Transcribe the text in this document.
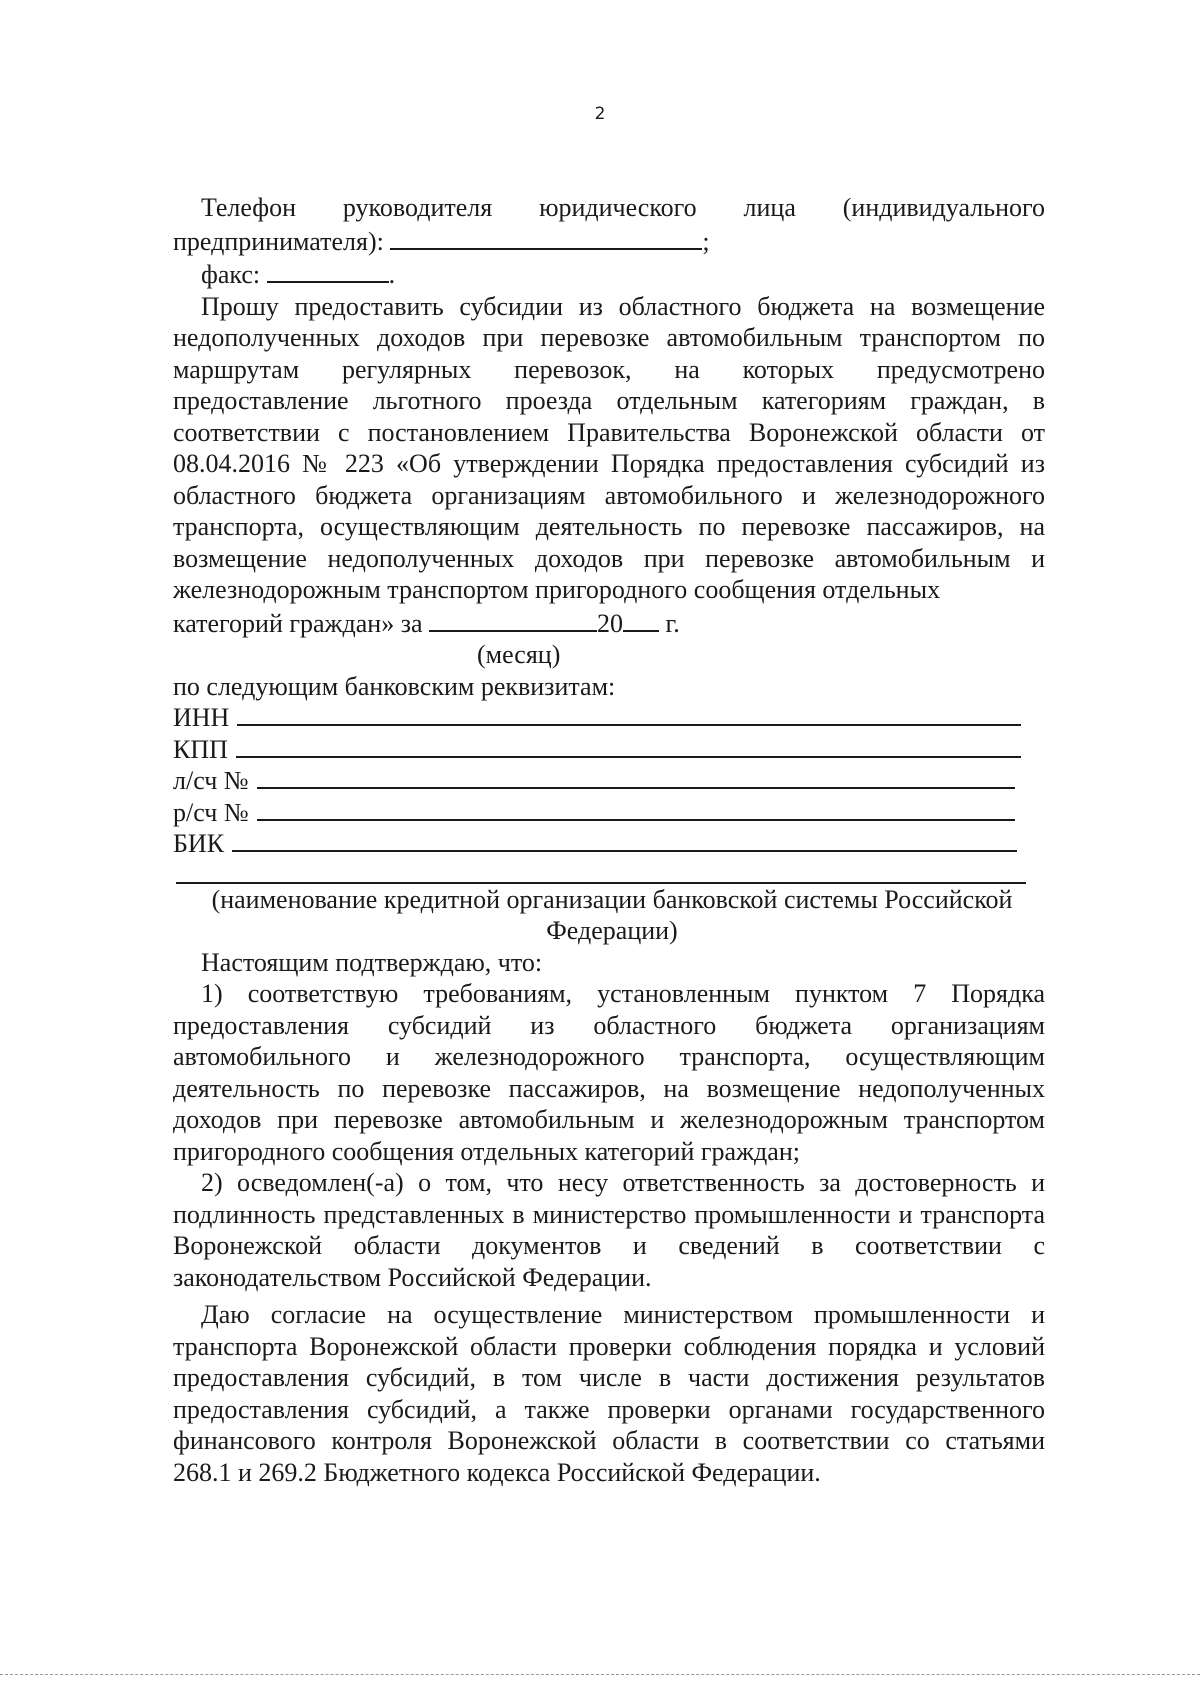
2

Телефон руководителя юридического лица (индивидуального

предпринимателя):	;
факс:	.

Прошу предоставить субсидии из областного бюджета на возмещение недополученных доходов при перевозке автомобильным транспортом по маршрутам регулярных перевозок, на которых предусмотрено предоставление льготного проезда отдельным категориям граждан, в соответствии с постановлением Правительства Воронежской области от 08.04.2016 № 223 «Об утверждении Порядка предоставления субсидий из областного бюджета организациям автомобильного и железнодорожного транспорта, осуществляющим деятельность по перевозке пассажиров, на возмещение недополученных доходов при перевозке автомобильным и железнодорожным транспортом пригородного сообщения отдельных

категорий граждан» за	20 г.
(месяц)
по следующим банковским реквизитам:
ИНН
КПП
л/сч №
р/сч №
БИК
(наименование кредитной организации банковской системы Российской Федерации)
Настоящим подтверждаю, что:

1) соответствую требованиям, установленным пунктом 7 Порядка предоставления субсидий из областного бюджета организациям автомобильного и железнодорожного транспорта, осуществляющим деятельность по перевозке пассажиров, на возмещение недополученных доходов при перевозке автомобильным и железнодорожным транспортом пригородного сообщения отдельных категорий граждан;

2) осведомлен(-а) о том, что несу ответственность за достоверность и подлинность представленных в министерство промышленности и транспорта Воронежской области документов и сведений в соответствии с законодательством Российской Федерации.

Даю согласие на осуществление министерством промышленности и транспорта Воронежской области проверки соблюдения порядка и условий предоставления субсидий, в том числе в части достижения результатов предоставления субсидий, а также проверки органами государственного финансового контроля Воронежской области в соответствии со статьями 268.1 и 269.2 Бюджетного кодекса Российской Федерации.
